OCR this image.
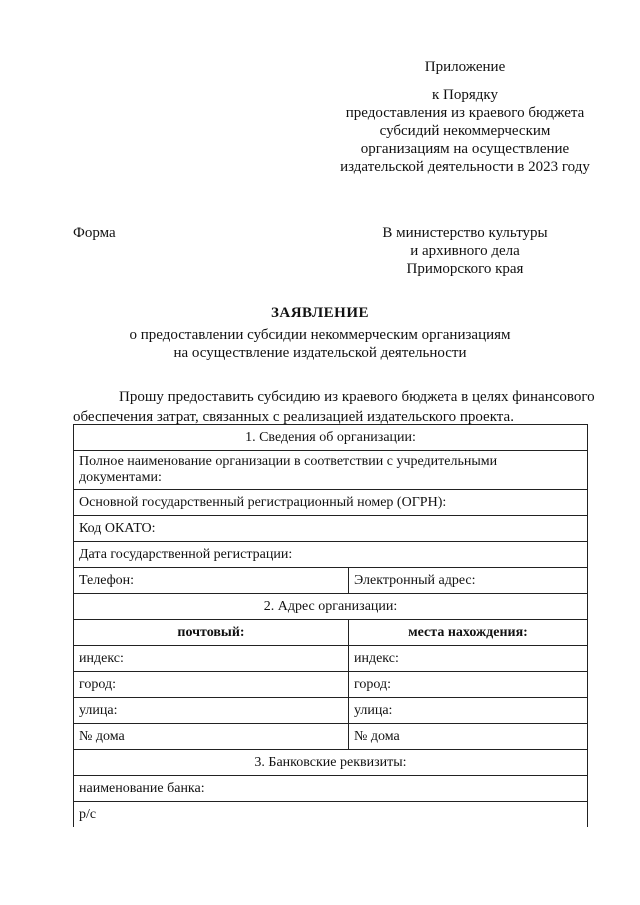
Приложение
к Порядку
предоставления из краевого бюджета
субсидий некоммерческим
организациям на осуществление
издательской деятельности в 2023 году
Форма	В министерство культуры
и архивного дела
Приморского края
ЗАЯВЛЕНИЕ
о предоставлении субсидии некоммерческим организациям
на осуществление издательской деятельности
Прошу предоставить субсидию из краевого бюджета в целях финансового обеспечения затрат, связанных с реализацией издательского проекта.
1. Сведения об организации:	
Полное наименование организации в соответствии с учредительными документами:	
Основной государственный регистрационный номер (ОГРН):	
Код ОКАТО:	
Дата государственной регистрации:	
Телефон:	Электронный адрес:
2. Адрес организации:	
почтовый:	места нахождения:
индекс:	индекс:
город:	город:
улица:	улица:
№ дома	№ дома
3. Банковские реквизиты:	
наименование банка:	
р/с	
